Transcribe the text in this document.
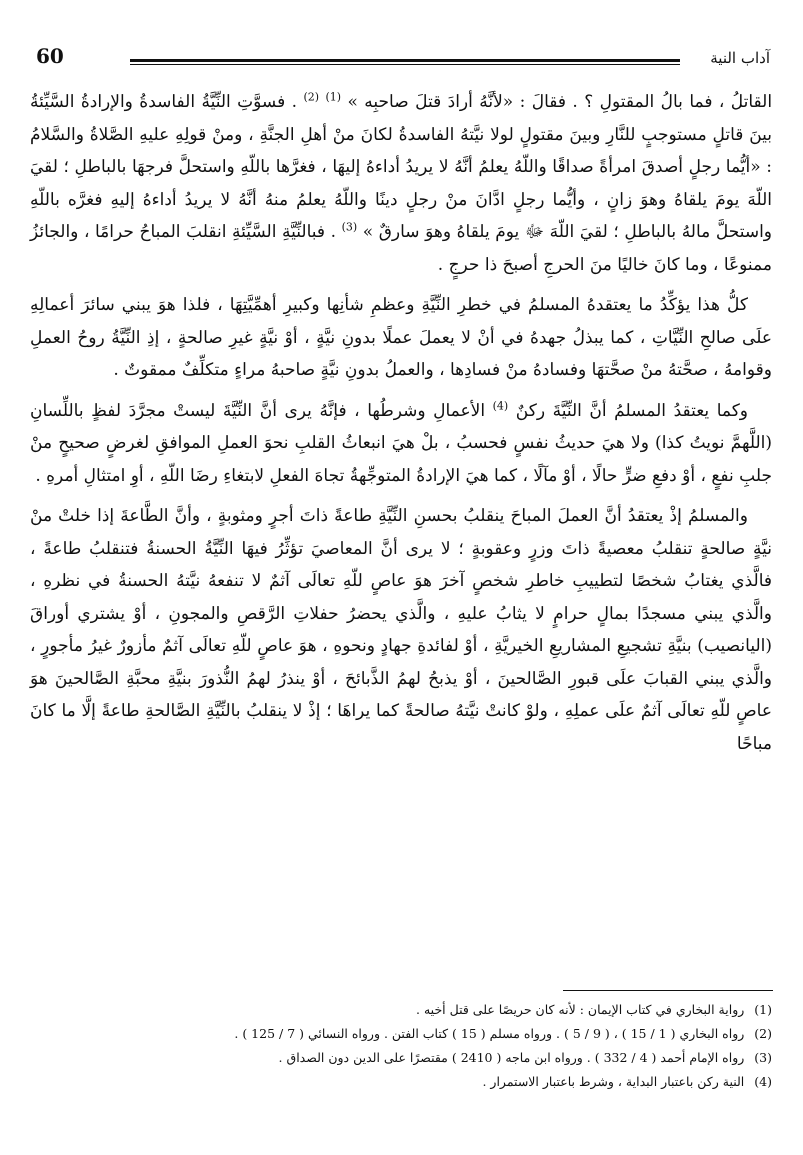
60	آداب النية

القاتلُ ، فما بالُ المقتولِ ؟ . فقالَ : «لأنَّهُ أرادَ قتلَ صاحبِه » $^{(1)}$ $^{(2)}$ . فسوَّتِ النِّيَّةُ الفاسدةُ والإرادةُ السَّيِّئةُ بينَ قاتلٍ مستوجبٍ للنَّارِ وبينَ مقتولٍ لولا نيَّتهُ الفاسدةُ لكانَ منْ أهلِ الجنَّةِ ، ومنْ قولِهِ عليهِ الصَّلاةُ والسَّلامُ : «أيُّما رجلٍ أصدقَ امرأةً صداقًا واللّهُ يعلمُ أنَّهُ لا يريدُ أداءهُ إليهَا ، فغرَّها باللّهِ واستحلَّ فرجهَا بالباطلِ ؛ لقيَ اللّهَ يومَ يلقاهُ وهوَ زانٍ ، وأيُّما رجلٍ ادَّانَ منْ رجلٍ دينًا واللّهُ يعلمُ منهُ أنَّهُ لا يريدُ أداءهُ إليهِ فغرَّه باللّهِ واستحلَّ مالهُ بالباطلِ ؛ لقيَ اللّهَ ﷻ يومَ يلقاهُ وهوَ سارقٌ » $^{(3)}$ . فبالنِّيَّةِ السَّيِّئةِ انقلبَ المباحُ حرامًا ، والجائزُ ممنوعًا ، وما كانَ خاليًا منَ الحرجِ أصبحَ ذا حرجٍ .

كلُّ هذا يؤكِّدُ ما يعتقدهُ المسلمُ في خطرِ النِّيَّةِ وعظمِ شأنِها وكبيرِ أهمِّيَّتِهَا ، فلذا هوَ يبني سائرَ أعمالِهِ علَى صالحِ النِّيَّاتِ ، كما يبذلُ جهدهُ في أنْ لا يعملَ عملًا بدونِ نيَّةٍ ، أوْ نيَّةٍ غيرِ صالحةٍ ، إذِ النِّيَّةُ روحُ العملِ وقوامهُ ، صحَّتهُ منْ صحَّتهَا وفسادهُ منْ فسادِها ، والعملُ بدونِ نيَّةٍ صاحبهُ مراءٍ متكلِّفٌ ممقوتٌ .

وكما يعتقدُ المسلمُ أنَّ النِّيَّةَ ركنٌ $^{(4)}$ الأعمالِ وشرطُها ، فإنَّهُ يرى أنَّ النِّيَّةَ ليستْ مجرَّدَ لفظٍ باللِّسانِ (اللَّهمَّ نويتُ كذا) ولا هيَ حديثُ نفسٍ فحسبُ ، بلْ هيَ انبعاثُ القلبِ نحوَ العملِ الموافقِ لغرضٍ صحيحٍ منْ جلبِ نفعٍ ، أوْ دفعِ ضرٍّ حالًا ، أوْ مآلًا ، كما هيَ الإرادةُ المتوجِّهةُ تجاهَ الفعلِ لابتغاءِ رضَا اللّهِ ، أوِ امتثالِ أمرهِ .

والمسلمُ إذْ يعتقدُ أنَّ العملَ المباحَ ينقلبُ بحسنِ النِّيَّةِ طاعةً ذاتَ أجرٍ ومثوبةٍ ، وأنَّ الطَّاعةَ إذا خلتْ منْ نيَّةٍ صالحةٍ تنقلبُ معصيةً ذاتَ وزرٍ وعقوبةٍ ؛ لا يرى أنَّ المعاصيَ تؤثِّرُ فيهَا النِّيَّةُ الحسنةُ فتنقلبُ طاعةً ، فالَّذي يغتابُ شخصًا لتطييبِ خاطرِ شخصٍ آخرَ هوَ عاصٍ للّهِ تعالَى آثمٌ لا تنفعهُ نيَّتهُ الحسنةُ في نظرهِ ، والَّذي يبني مسجدًا بمالٍ حرامٍ لا يثابُ عليهِ ، والَّذي يحضرُ حفلاتِ الرَّقصِ والمجونِ ، أوْ يشتري أوراقَ (اليانصيب) بنيَّةِ تشجيعِ المشاريعِ الخيريَّةِ ، أوْ لفائدةِ جهادٍ ونحوهِ ، هوَ عاصٍ للّهِ تعالَى آثمٌ مأزورٌ غيرُ مأجورٍ ، والَّذي يبني القبابَ علَى قبورِ الصَّالحينَ ، أوْ يذبحُ لهمُ الذَّبائحَ ، أوْ ينذرُ لهمُ النُّذورَ بنيَّةِ محبَّةِ الصَّالحينَ هوَ عاصٍ للّهِ تعالَى آثمٌ علَى عملِهِ ، ولوْ كانتْ نيَّتهُ صالحةً كما يراهَا ؛ إذْ لا ينقلبُ بالنِّيَّةِ الصَّالحةِ طاعةً إلَّا ما كانَ مباحًا

(1) رواية البخاري في كتاب الإيمان : لأنه كان حريصًا على قتل أخيه .

(2) رواه البخاري ( 1 / 15 ) ، ( 9 / 5 ) . ورواه مسلم ( 15 ) كتاب الفتن . ورواه النسائي ( 7 / 125 ) .

(3) رواه الإمام أحمد ( 4 / 332 ) . ورواه ابن ماجه ( 2410 ) مقتصرًا على الدين دون الصداق .

(4) النية ركن باعتبار البداية ، وشرط باعتبار الاستمرار .
